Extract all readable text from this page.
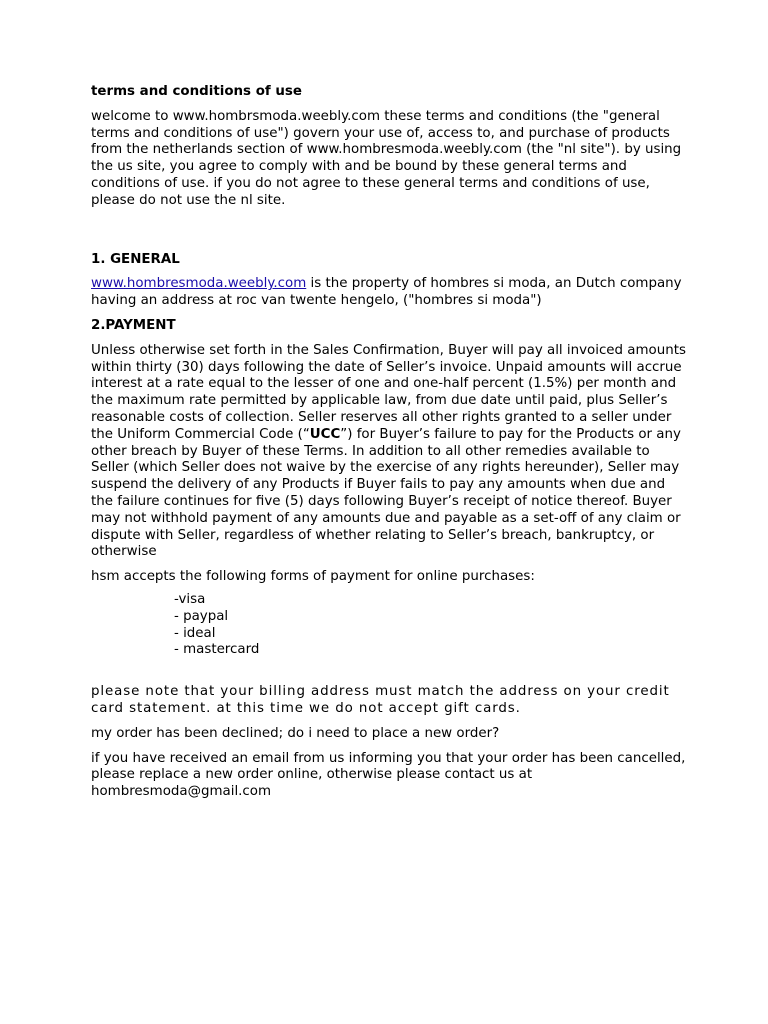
terms and conditions of use

welcome to www.hombrsmoda.weebly.com these terms and conditions (the "general terms and conditions of use") govern your use of, access to, and purchase of products from the netherlands section of www.hombresmoda.weebly.com (the "nl site"). by using the us site, you agree to comply with and be bound by these general terms and conditions of use. if you do not agree to these general terms and conditions of use, please do not use the nl site.

1. GENERAL

www.hombresmoda.weebly.com is the property of hombres si moda, an Dutch company having an address at roc van twente hengelo, ("hombres si moda")

2.PAYMENT

Unless otherwise set forth in the Sales Confirmation, Buyer will pay all invoiced amounts within thirty (30) days following the date of Seller’s invoice. Unpaid amounts will accrue interest at a rate equal to the lesser of one and one-half percent (1.5%) per month and the maximum rate permitted by applicable law, from due date until paid, plus Seller’s reasonable costs of collection. Seller reserves all other rights granted to a seller under the Uniform Commercial Code (“UCC”) for Buyer’s failure to pay for the Products or any other breach by Buyer of these Terms. In addition to all other remedies available to Seller (which Seller does not waive by the exercise of any rights hereunder), Seller may suspend the delivery of any Products if Buyer fails to pay any amounts when due and the failure continues for five (5) days following Buyer’s receipt of notice thereof. Buyer may not withhold payment of any amounts due and payable as a set-off of any claim or dispute with Seller, regardless of whether relating to Seller’s breach, bankruptcy, or otherwise

hsm accepts the following forms of payment for online purchases:

-visa
- paypal
- ideal
- mastercard

please note that your billing address must match the address on your credit card statement. at this time we do not accept gift cards.

my order has been declined; do i need to place a new order?

if you have received an email from us informing you that your order has been cancelled, please replace a new order online, otherwise please contact us at hombresmoda@gmail.com
